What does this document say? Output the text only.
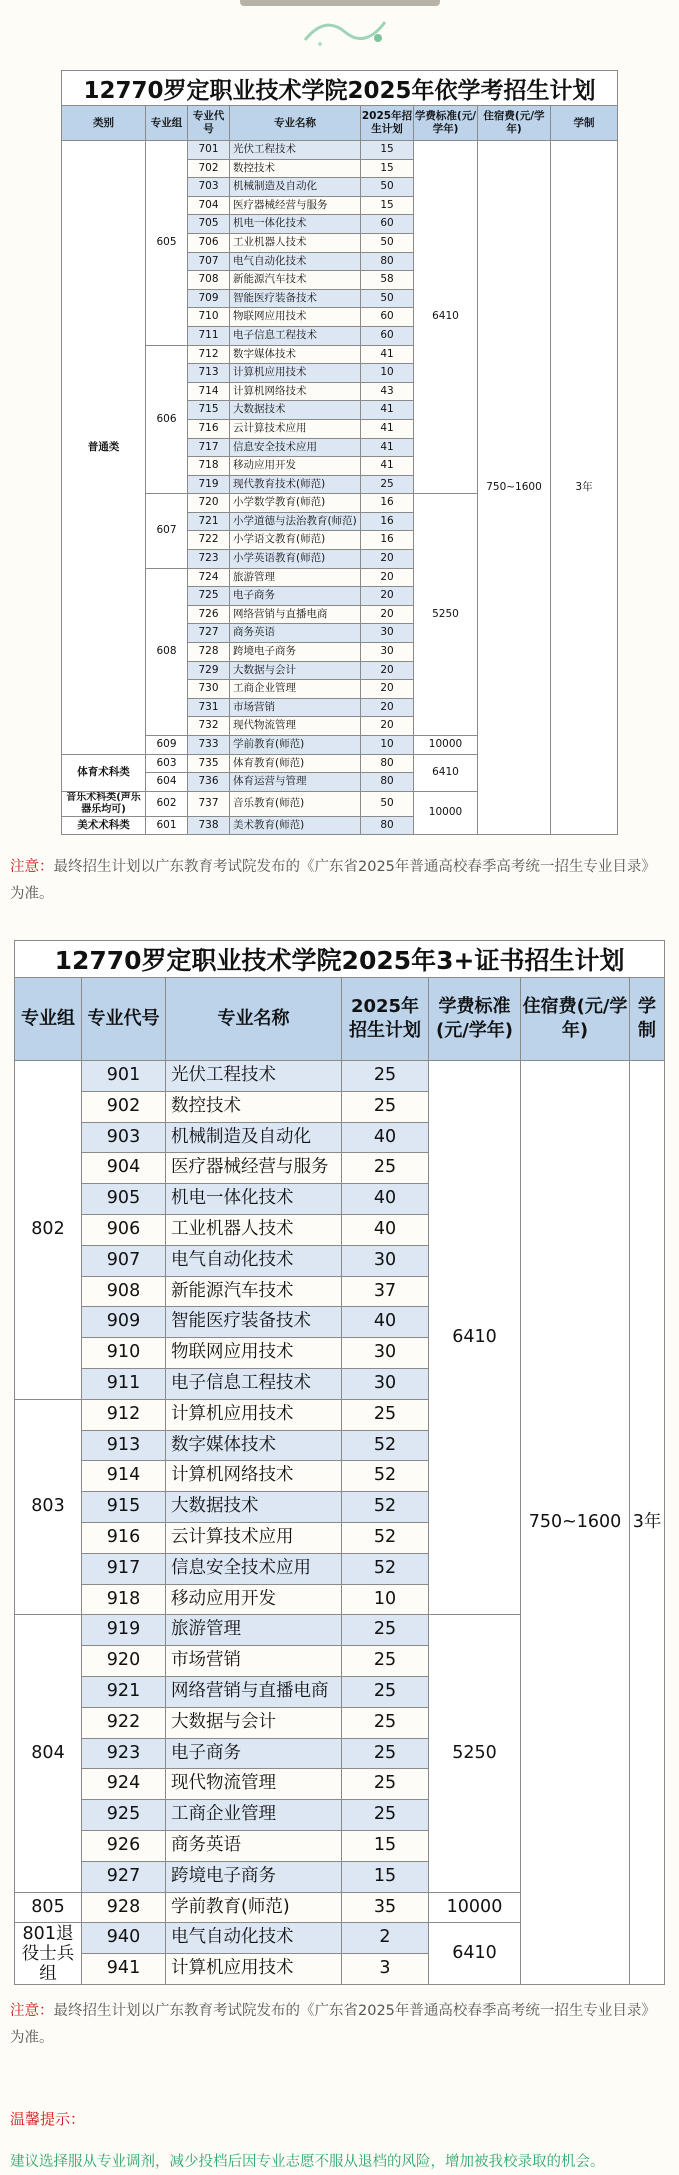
12770罗定职业技术学院2025年依学考招生计划							
类别	专业组	专业代号	专业名称	2025年招生计划	学费标准(元/学年)	住宿费(元/学年)	学制
普通类	605	701	光伏工程技术	15	6410	750~1600	3年
		702	数控技术	15			
		703	机械制造及自动化	50			
		704	医疗器械经营与服务	15			
		705	机电一体化技术	60			
		706	工业机器人技术	50			
		707	电气自动化技术	80			
		708	新能源汽车技术	58			
		709	智能医疗装备技术	50			
		710	物联网应用技术	60			
		711	电子信息工程技术	60			
	606	712	数字媒体技术	41			
		713	计算机应用技术	10			
		714	计算机网络技术	43			
		715	大数据技术	41			
		716	云计算技术应用	41			
		717	信息安全技术应用	41			
		718	移动应用开发	41			
		719	现代教育技术(师范)	25			
	607	720	小学数学教育(师范)	16	5250		
		721	小学道德与法治教育(师范)	16			
		722	小学语文教育(师范)	16			
		723	小学英语教育(师范)	20			
	608	724	旅游管理	20			
		725	电子商务	20			
		726	网络营销与直播电商	20			
		727	商务英语	30			
		728	跨境电子商务	30			
		729	大数据与会计	20			
		730	工商企业管理	20			
		731	市场营销	20			
		732	现代物流管理	20			
	609	733	学前教育(师范)	10	10000		
体育术科类	603	735	体育教育(师范)	80	6410		
	604	736	体育运营与管理	80			
音乐术科类(声乐器乐均可)	602	737	音乐教育(师范)	50	10000		
美术术科类	601	738	美术教育(师范)	80			
注意：最终招生计划以广东教育考试院发布的《广东省2025年普通高校春季高考统一招生专业目录》为准。
12770罗定职业技术学院2025年3+证书招生计划						
专业组	专业代号	专业名称	2025年招生计划	学费标准(元/学年)	住宿费(元/学年)	学制
802	901	光伏工程技术	25	6410	750~1600	3年
	902	数控技术	25			
	903	机械制造及自动化	40			
	904	医疗器械经营与服务	25			
	905	机电一体化技术	40			
	906	工业机器人技术	40			
	907	电气自动化技术	30			
	908	新能源汽车技术	37			
	909	智能医疗装备技术	40			
	910	物联网应用技术	30			
	911	电子信息工程技术	30			
803	912	计算机应用技术	25			
	913	数字媒体技术	52			
	914	计算机网络技术	52			
	915	大数据技术	52			
	916	云计算技术应用	52			
	917	信息安全技术应用	52			
	918	移动应用开发	10			
804	919	旅游管理	25	5250		
	920	市场营销	25			
	921	网络营销与直播电商	25			
	922	大数据与会计	25			
	923	电子商务	25			
	924	现代物流管理	25			
	925	工商企业管理	25			
	926	商务英语	15			
	927	跨境电子商务	15			
805	928	学前教育(师范)	35	10000		
801退役士兵组	940	电气自动化技术	2	6410		
	941	计算机应用技术	3			
注意：最终招生计划以广东教育考试院发布的《广东省2025年普通高校春季高考统一招生专业目录》为准。
温馨提示：
建议选择服从专业调剂，减少投档后因专业志愿不服从退档的风险，增加被我校录取的机会。
